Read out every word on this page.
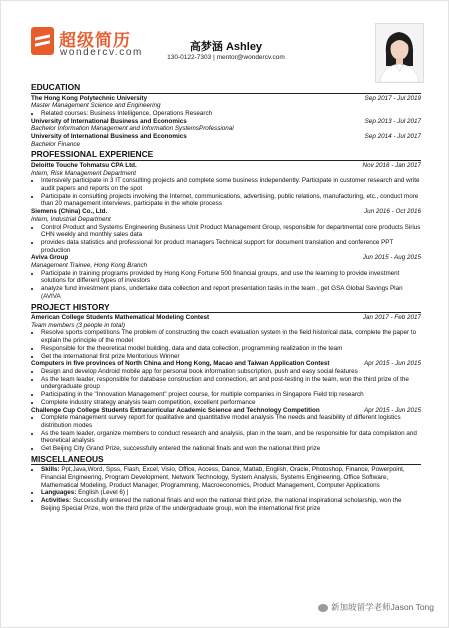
超级简历
wondercv.com	高梦涵 Ashley
130-0122-7303 | mentor@wondercv.com
EDUCATION
The Hong Kong Polytechnic University	Sep 2017 - Jul 2019
Master Management Science and Engineering
• Related courses: Business Intelligence, Operations Research
University of International Business and Economics	Sep 2013 - Jul 2017
Bachelor Information Management and Information SystemsProfessional
University of International Business and Economics	Sep 2014 - Jul 2017
Bachelor Finance
PROFESSIONAL EXPERIENCE
Deloitte Touche Tohmatsu CPA Ltd.	Nov 2016 - Jan 2017
Intern, Risk Management Department
• Intensively participate in 3 IT consulting projects and complete some business independently. Participate in customer research and write audit papers and reports on the spot
• Participate in consulting projects involving the Internet, communications, advertising, public relations, manufacturing, etc., conduct more than 20 management interviews, participate in the whole process
Siemens (China) Co., Ltd.	Jun 2016 - Oct 2016
Intern, Industrial Department
• Control Product and Systems Engineering Business Unit Product Management Group, responsible for departmental core products Sirius CHN weekly and monthly sales data
• provides data statistics and professional for product managers Technical support for document translation and conference PPT production
Aviva Group	Jun 2015 - Aug 2015
Management Trainee, Hong Kong Branch
• Participate in training programs provided by Hong Kong Fortune 500 financial groups, and use the learning to provide investment solutions for different types of investors
• analyze fund investment plans, undertake data collection and report presentation tasks in the team , get GSA Global Savings Plan (AVIVA
PROJECT HISTORY
American College Students Mathematical Modeling Contest	Jan 2017 - Feb 2017
Team members (3 people in total)
• Resolve sports competitions The problem of constructing the coach evaluation system in the field historical data, complete the paper to explain the principle of the model
• Responsible for the theoretical model building, data and data collection, programming realization in the team
• Get the international first prize Meritorious Winner
Computers in five provinces of North China and Hong Kong, Macao and Taiwan Application Contest	Apr 2015 - Jun 2015
• Design and develop Android mobile app for personal book information subscription, push and easy social features
• As the team leader, responsible for database construction and connection, art and post-testing in the team, won the third prize of the undergraduate group
• Participating in the "Innovation Management" project course, for multiple companies in Singapore Field trip research
• Complete industry strategy analysis team competition, excellent performance
Challenge Cup College Students Extracurricular Academic Science and Technology Competition	Apr 2015 - Jun 2015
• Complete management survey report for qualitative and quantitative model analysis The needs and feasibility of different logistics distribution modes
• As the team leader, organize members to conduct research and analysis, plan in the team, and be responsible for data compilation and theoretical analysis
• Get Beijing City Grand Prize, successfully entered the national finals and won the national third prize
MISCELLANEOUS
• Skills: Ppt,Java,Word, Spss, Flash, Excel, Visio, Office, Access, Dance, Matlab, English, Oracle, Photoshop, Finance, Powerpoint, Financial Engineering, Program Development, Network Technology, System Analysis, Systems Engineering, Office Software, Mathematical Modeling, Product Manager, Programming, Macroeconomics, Product Management, Computer Applications
• Languages: English (Level 6) |
• Activities: Successfully entered the national finals and won the national third prize, the national inspirational scholarship, won the Beijing Special Prize, won the third prize of the undergraduate group, won the international first prize
新加坡留学老师Jason Tong
